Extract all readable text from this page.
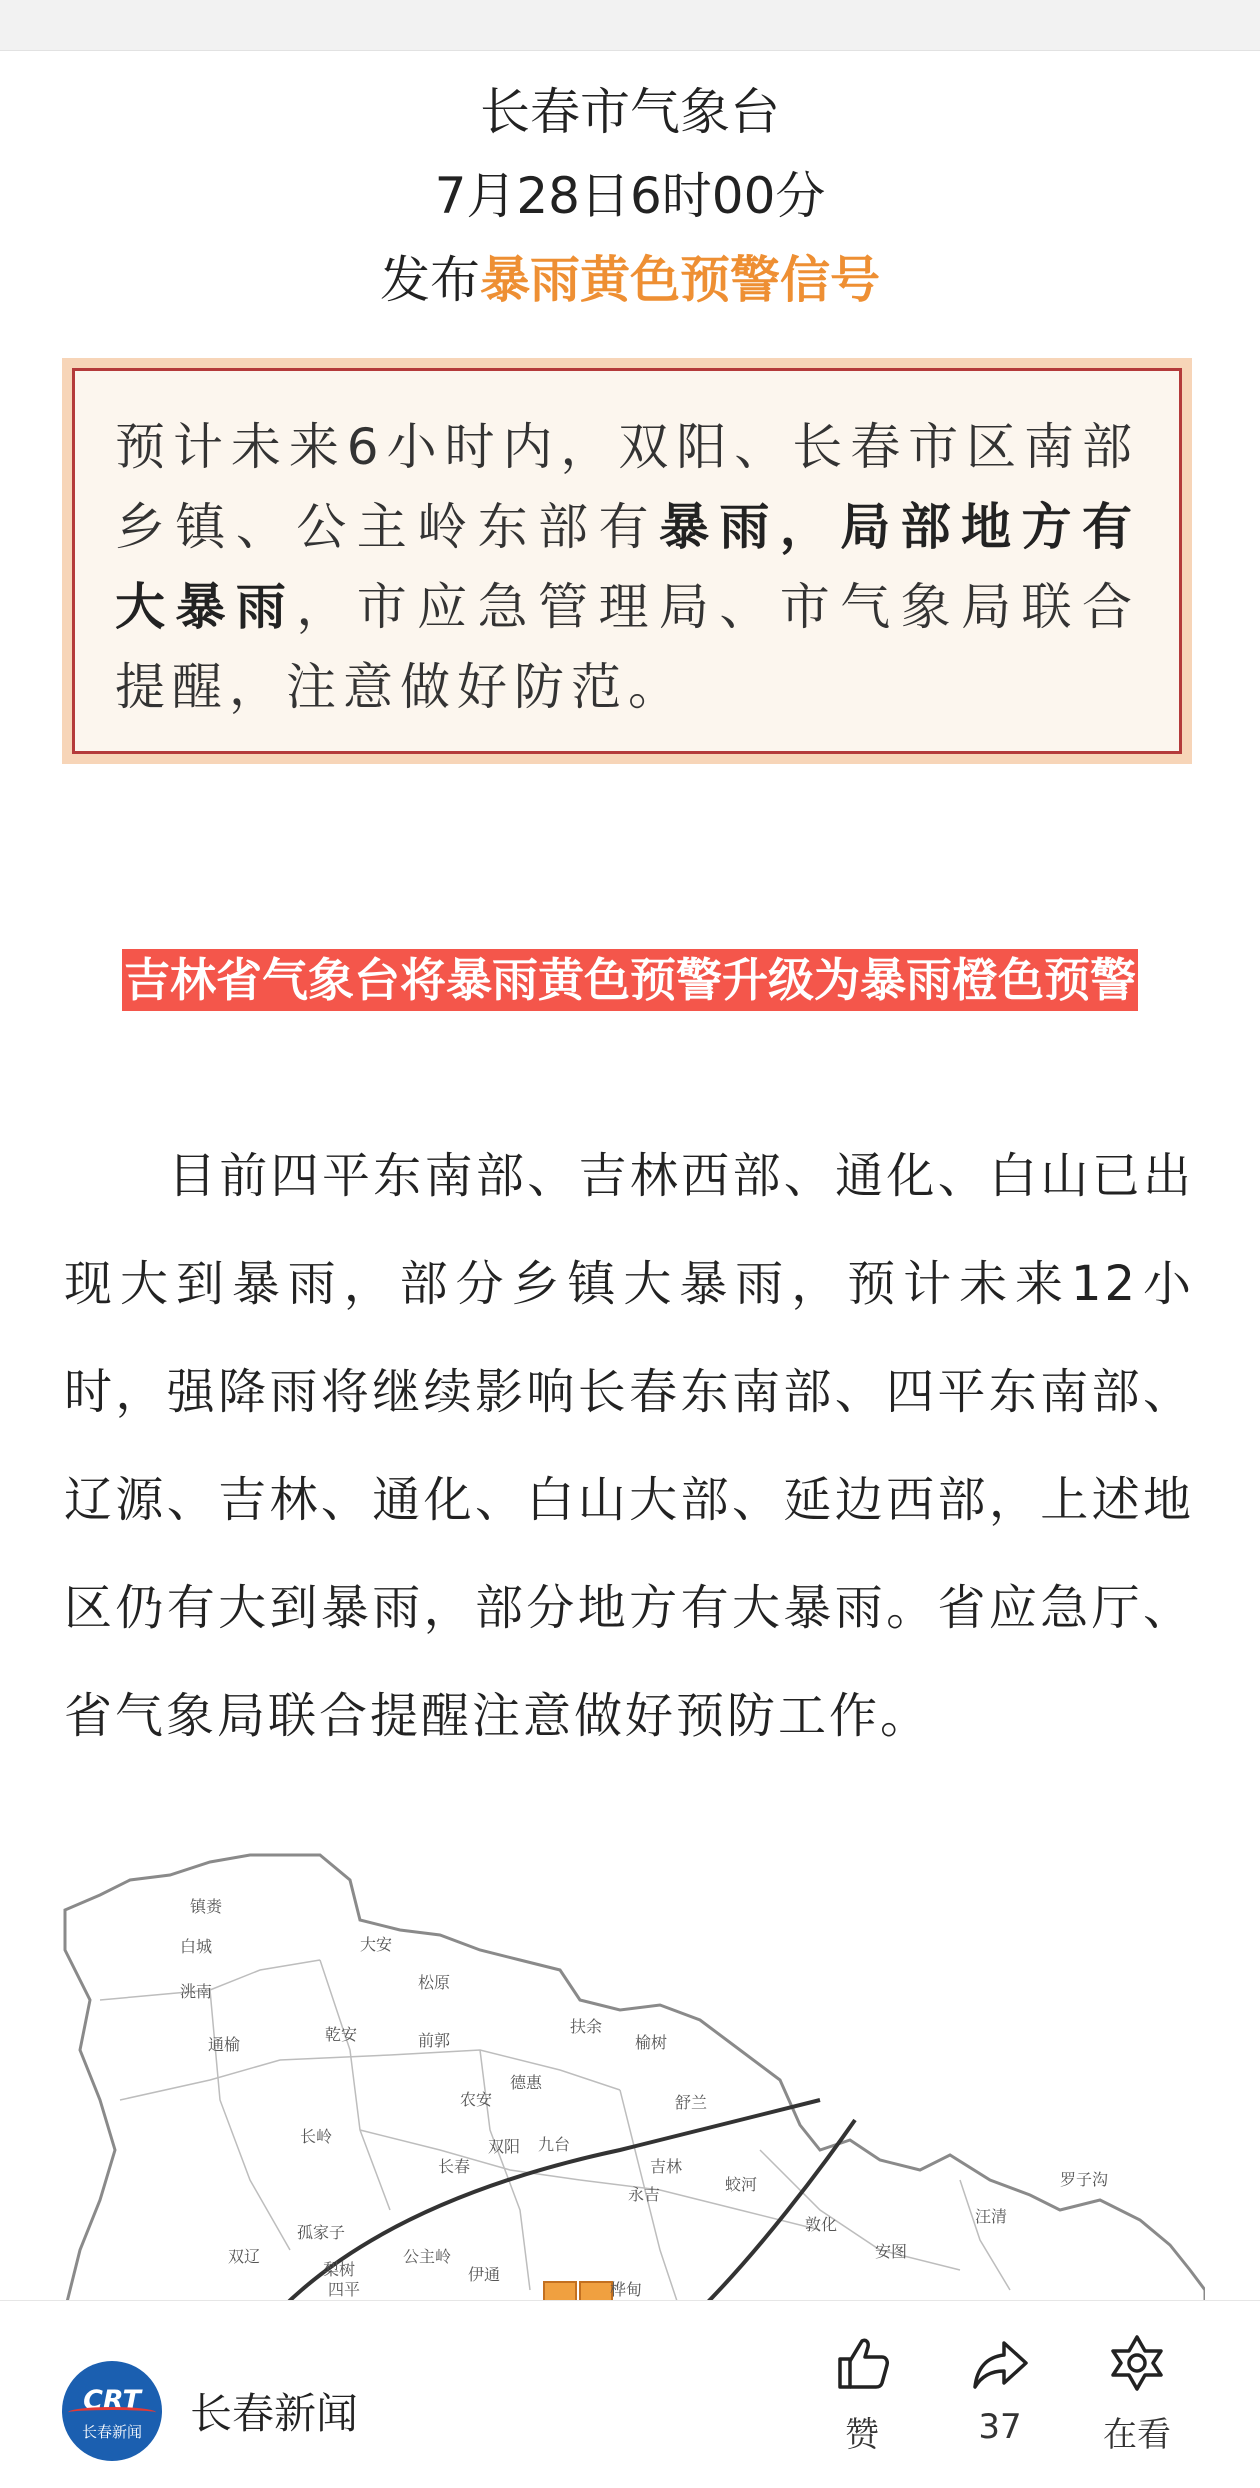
长春市气象台
7月28日6时00分
发布暴雨黄色预警信号
预计未来6小时内，双阳、长春市区南部乡镇、公主岭东部有暴雨，局部地方有大暴雨，市应急管理局、市气象局联合提醒，注意做好防范。
吉林省气象台将暴雨黄色预警升级为暴雨橙色预警
目前四平东南部、吉林西部、通化、白山已出现大到暴雨，部分乡镇大暴雨，预计未来12小时，强降雨将继续影响长春东南部、四平东南部、辽源、吉林、通化、白山大部、延边西部，上述地区仍有大到暴雨，部分地方有大暴雨。省应急厅、省气象局联合提醒注意做好预防工作。
镇赉
白城
洮南
大安
通榆
乾安
松原
前郭
扶余
榆树
农安
德惠
舒兰
长岭	九台
长春	吉林
永吉
蛟河
敦化
双辽
梨树
四平
公主岭
双阳
伊通
桦甸
罗子沟
汪清
安图
孤家子
CRT
长春新闻	长春新闻	赞	37	在看
